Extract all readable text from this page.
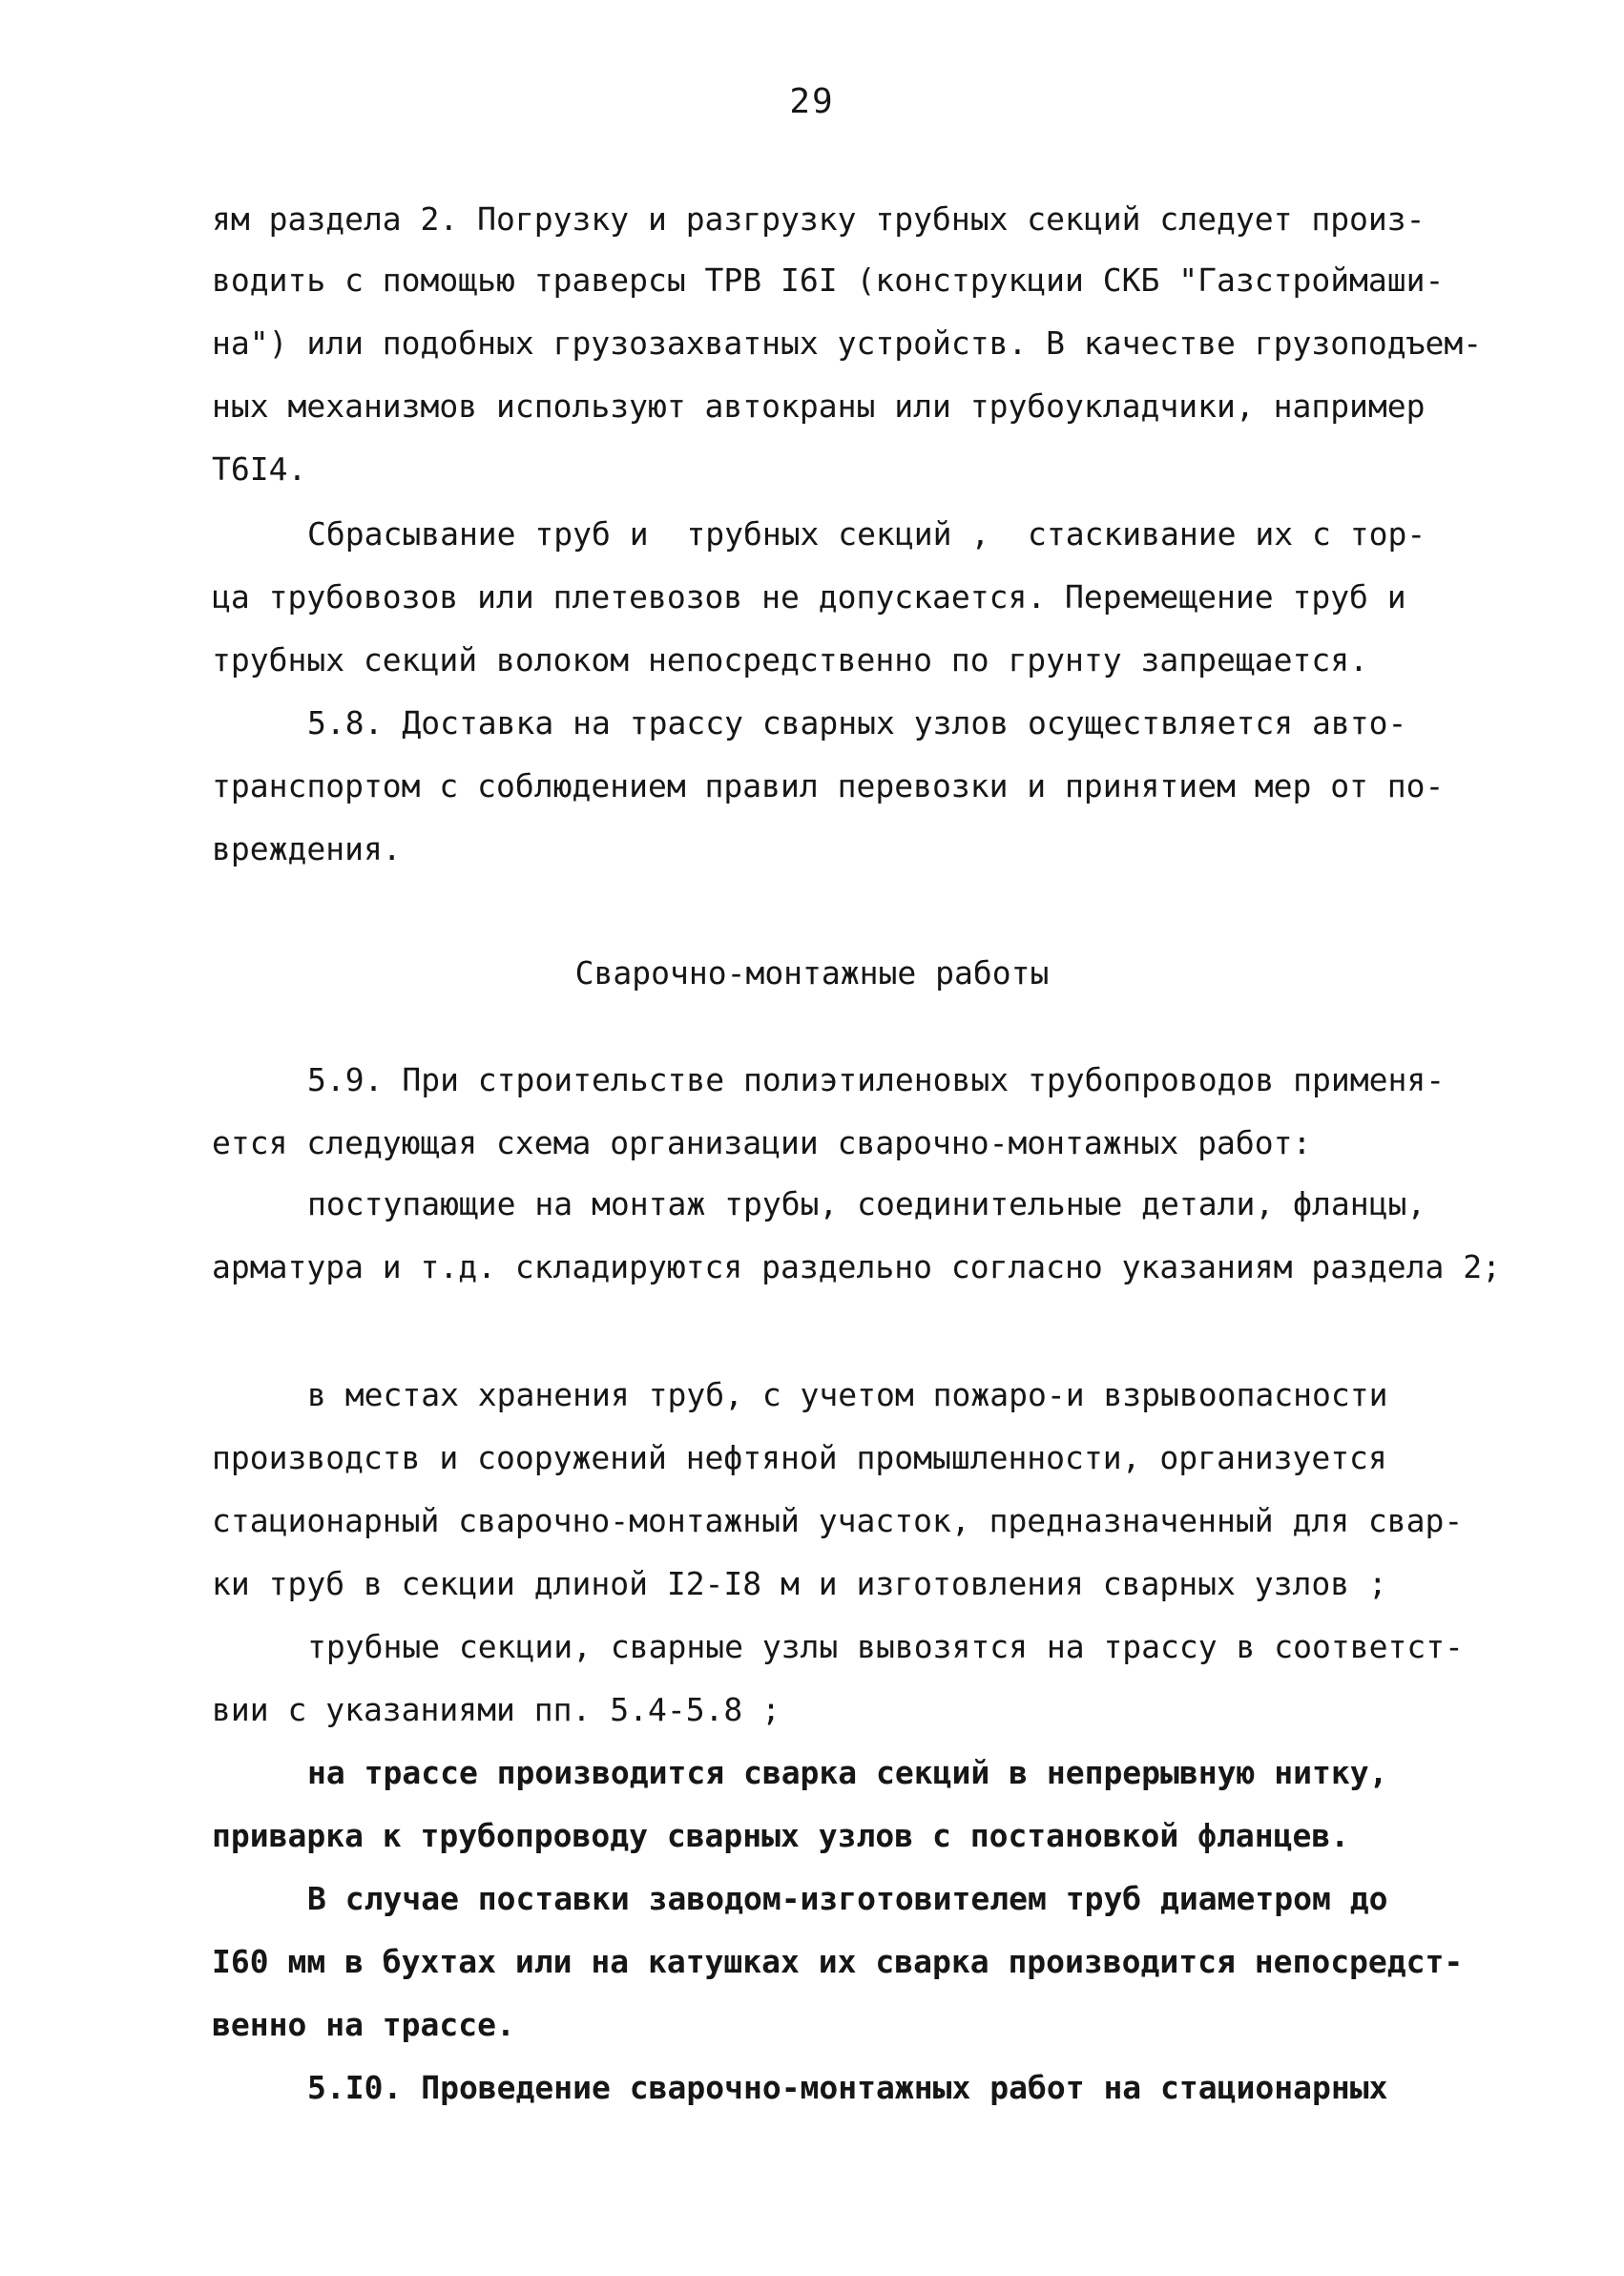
29
ям раздела 2. Погрузку и разгрузку трубных секций следует произ-
водить с помощью траверсы ТРВ I6I (конструкции СКБ "Газстроймаши-
на") или подобных грузозахватных устройств. В качестве грузоподъем-
ных механизмов используют автокраны или трубоукладчики, например
Т6I4.
Сбрасывание труб и  трубных секций ,  стаскивание их с тор-
ца трубовозов или плетевозов не допускается. Перемещение труб и
трубных секций волоком непосредственно по грунту запрещается.
5.8. Доставка на трассу сварных узлов осуществляется авто-
транспортом с соблюдением правил перевозки и принятием мер от по-
вреждения.
Сварочно-монтажные работы
5.9. При строительстве полиэтиленовых трубопроводов применя-
ется следующая схема организации сварочно-монтажных работ:
поступающие на монтаж трубы, соединительные детали, фланцы,
арматура и т.д. складируются раздельно согласно указаниям раздела 2;
в местах хранения труб, с учетом пожаро-и взрывоопасности
производств и сооружений нефтяной промышленности, организуется
стационарный сварочно-монтажный участок, предназначенный для свар-
ки труб в секции длиной I2-I8 м и изготовления сварных узлов ;
трубные секции, сварные узлы вывозятся на трассу в соответст-
вии с указаниями пп. 5.4-5.8 ;
на трассе производится сварка секций в непрерывную нитку,
приварка к трубопроводу сварных узлов с постановкой фланцев.
В случае поставки заводом-изготовителем труб диаметром до
I60 мм в бухтах или на катушках их сварка производится непосредст-
венно на трассе.
5.I0. Проведение сварочно-монтажных работ на стационарных
